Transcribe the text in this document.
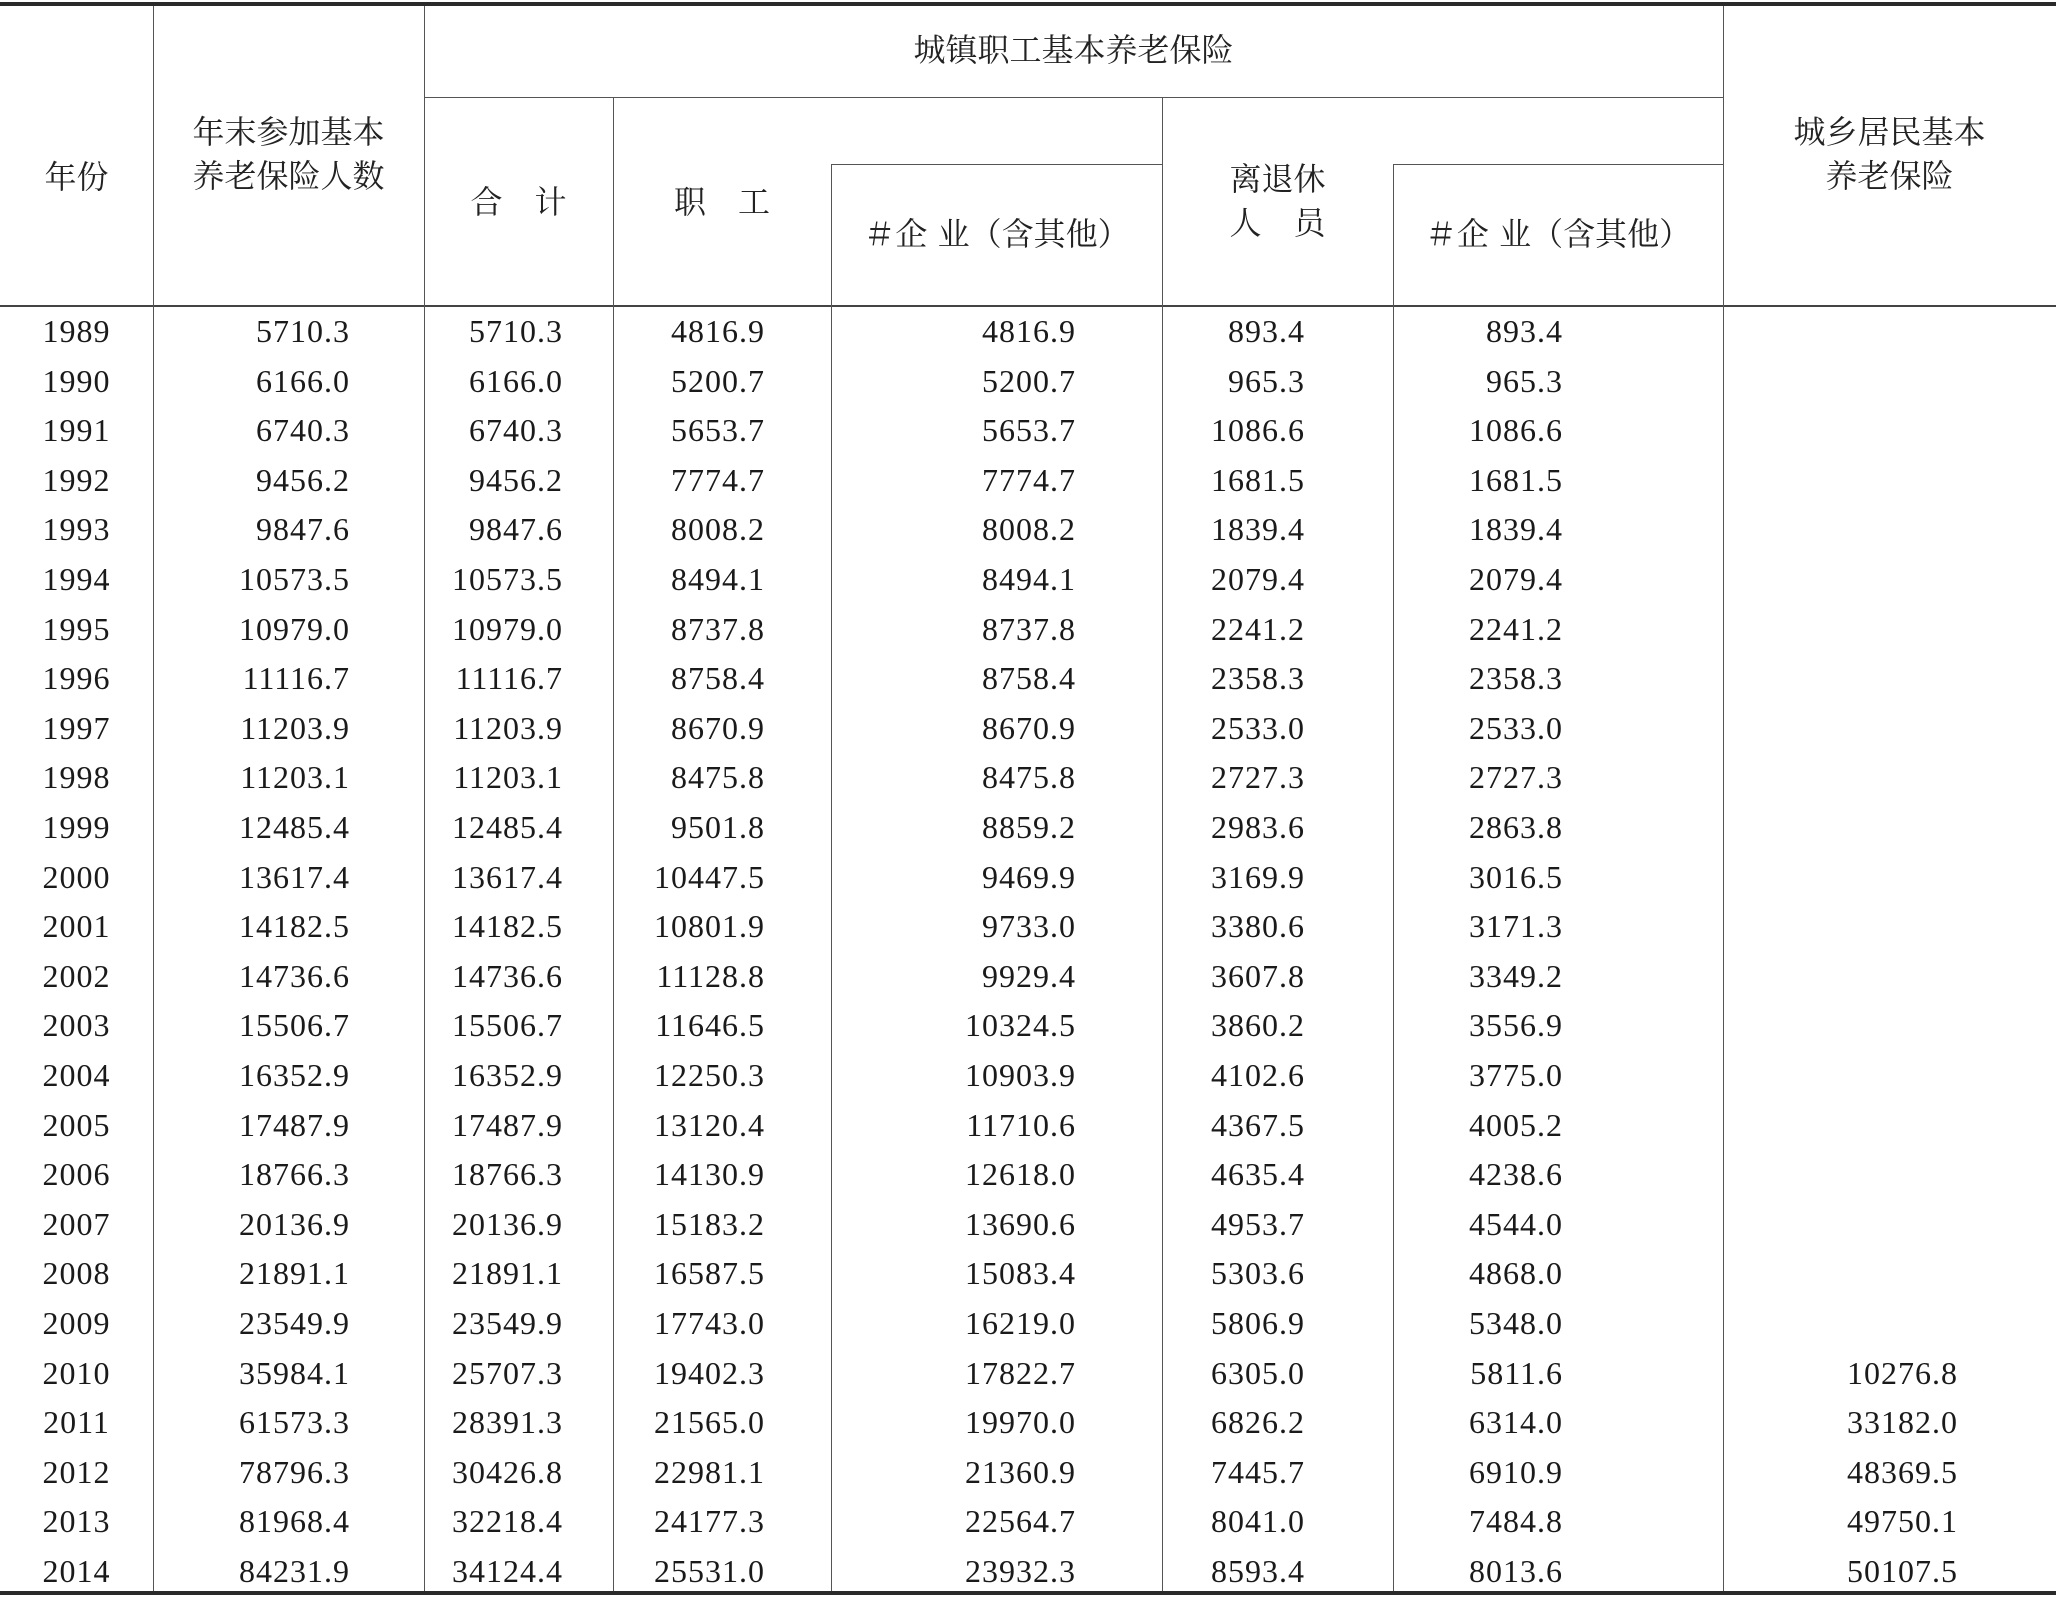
年份
年末参加基本
养老保险人数
城镇职工基本养老保险
合　计	职　工
＃企 业（含其他）
离退休
人　员	＃企 业（含其他）
城乡居民基本
养老保险
1989	5710.3	5710.3	4816.9	4816.9	893.4	893.4
1990	6166.0	6166.0	5200.7	5200.7	965.3	965.3
1991	6740.3	6740.3	5653.7	5653.7	1086.6	1086.6
1992	9456.2	9456.2	7774.7	7774.7	1681.5	1681.5
1993	9847.6	9847.6	8008.2	8008.2	1839.4	1839.4
1994	10573.5	10573.5	8494.1	8494.1	2079.4	2079.4
1995	10979.0	10979.0	8737.8	8737.8	2241.2	2241.2
1996	11116.7	11116.7	8758.4	8758.4	2358.3	2358.3
1997	11203.9	11203.9	8670.9	8670.9	2533.0	2533.0
1998	11203.1	11203.1	8475.8	8475.8	2727.3	2727.3
1999	12485.4	12485.4	9501.8	8859.2	2983.6	2863.8
2000	13617.4	13617.4	10447.5	9469.9	3169.9	3016.5
2001	14182.5	14182.5	10801.9	9733.0	3380.6	3171.3
2002	14736.6	14736.6	11128.8	9929.4	3607.8	3349.2
2003	15506.7	15506.7	11646.5	10324.5	3860.2	3556.9
2004	16352.9	16352.9	12250.3	10903.9	4102.6	3775.0
2005	17487.9	17487.9	13120.4	11710.6	4367.5	4005.2
2006	18766.3	18766.3	14130.9	12618.0	4635.4	4238.6
2007	20136.9	20136.9	15183.2	13690.6	4953.7	4544.0
2008	21891.1	21891.1	16587.5	15083.4	5303.6	4868.0
2009	23549.9	23549.9	17743.0	16219.0	5806.9	5348.0
2010	35984.1	25707.3	19402.3	17822.7	6305.0	5811.6	10276.8
2011	61573.3	28391.3	21565.0	19970.0	6826.2	6314.0	33182.0
2012	78796.3	30426.8	22981.1	21360.9	7445.7	6910.9	48369.5
2013	81968.4	32218.4	24177.3	22564.7	8041.0	7484.8	49750.1
2014	84231.9	34124.4	25531.0	23932.3	8593.4	8013.6	50107.5
